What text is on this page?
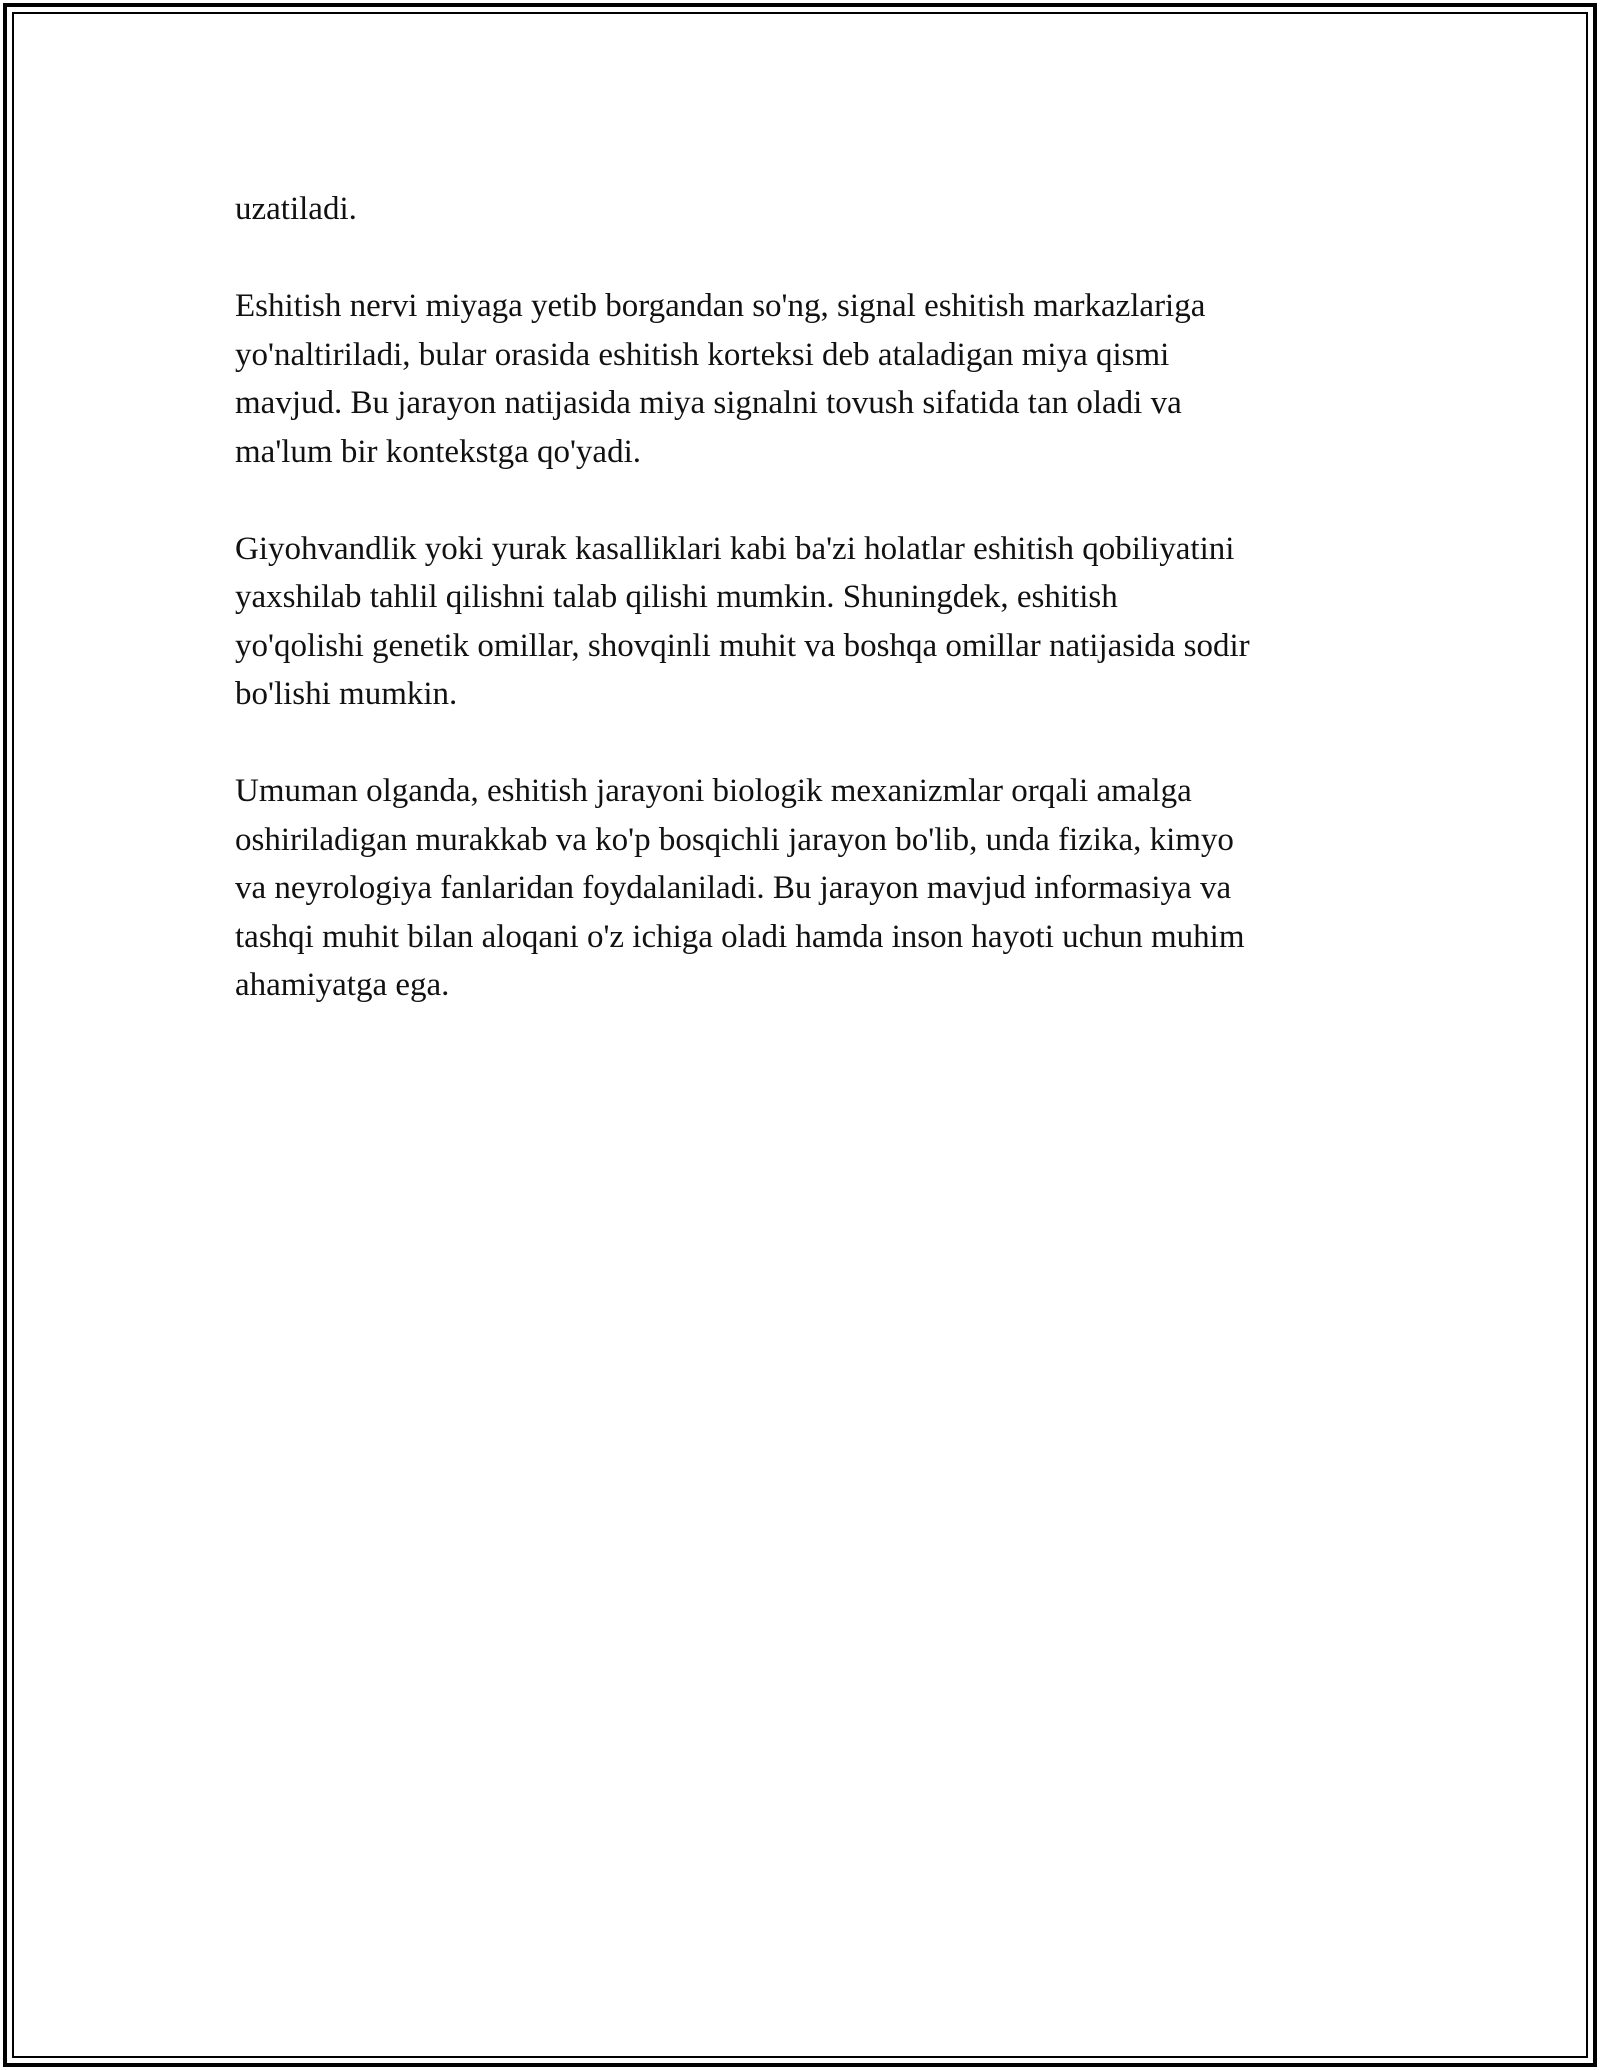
uzatiladi.

Eshitish nervi miyaga yetib borgandan so'ng, signal eshitish markazlariga
yo'naltiriladi, bular orasida eshitish korteksi deb ataladigan miya qismi
mavjud. Bu jarayon natijasida miya signalni tovush sifatida tan oladi va
ma'lum bir kontekstga qo'yadi.

Giyohvandlik yoki yurak kasalliklari kabi ba'zi holatlar eshitish qobiliyatini
yaxshilab tahlil qilishni talab qilishi mumkin. Shuningdek, eshitish
yo'qolishi genetik omillar, shovqinli muhit va boshqa omillar natijasida sodir
bo'lishi mumkin.

Umuman olganda, eshitish jarayoni biologik mexanizmlar orqali amalga
oshiriladigan murakkab va ko'p bosqichli jarayon bo'lib, unda fizika, kimyo
va neyrologiya fanlaridan foydalaniladi. Bu jarayon mavjud informasiya va
tashqi muhit bilan aloqani o'z ichiga oladi hamda inson hayoti uchun muhim
ahamiyatga ega.
